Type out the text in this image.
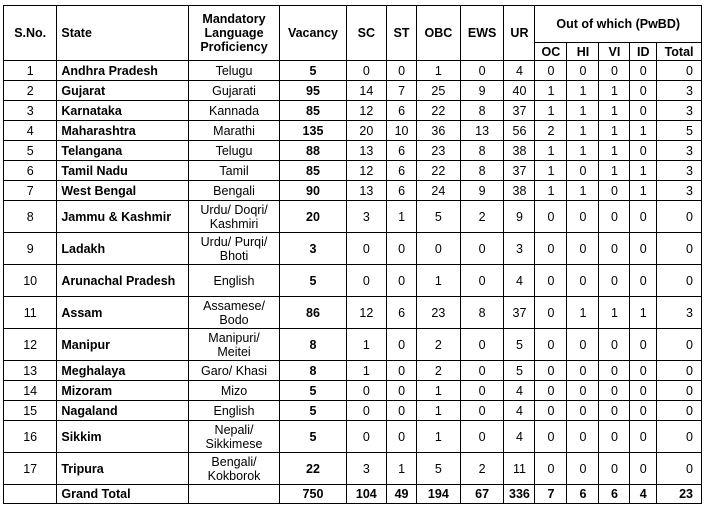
S.No.	State	Mandatory Language Proficiency	Vacancy	SC	ST	OBC	EWS	UR	Out of which (PwBD)				
									OC	HI	VI	ID	Total
1	Andhra Pradesh	Telugu	5	0	0	1	0	4	0	0	0	0	0
2	Gujarat	Gujarati	95	14	7	25	9	40	1	1	1	0	3
3	Karnataka	Kannada	85	12	6	22	8	37	1	1	1	0	3
4	Maharashtra	Marathi	135	20	10	36	13	56	2	1	1	1	5
5	Telangana	Telugu	88	13	6	23	8	38	1	1	1	0	3
6	Tamil Nadu	Tamil	85	12	6	22	8	37	1	0	1	1	3
7	West Bengal	Bengali	90	13	6	24	9	38	1	1	0	1	3
8	Jammu & Kashmir	Urdu/ Doqri/ Kashmiri	20	3	1	5	2	9	0	0	0	0	0
9	Ladakh	Urdu/ Purqi/ Bhoti	3	0	0	0	0	3	0	0	0	0	0
10	Arunachal Pradesh	English	5	0	0	1	0	4	0	0	0	0	0
11	Assam	Assamese/ Bodo	86	12	6	23	8	37	0	1	1	1	3
12	Manipur	Manipuri/ Meitei	8	1	0	2	0	5	0	0	0	0	0
13	Meghalaya	Garo/ Khasi	8	1	0	2	0	5	0	0	0	0	0
14	Mizoram	Mizo	5	0	0	1	0	4	0	0	0	0	0
15	Nagaland	English	5	0	0	1	0	4	0	0	0	0	0
16	Sikkim	Nepali/ Sikkimese	5	0	0	1	0	4	0	0	0	0	0
17	Tripura	Bengali/ Kokborok	22	3	1	5	2	11	0	0	0	0	0
	Grand Total		750	104	49	194	67	336	7	6	6	4	23
